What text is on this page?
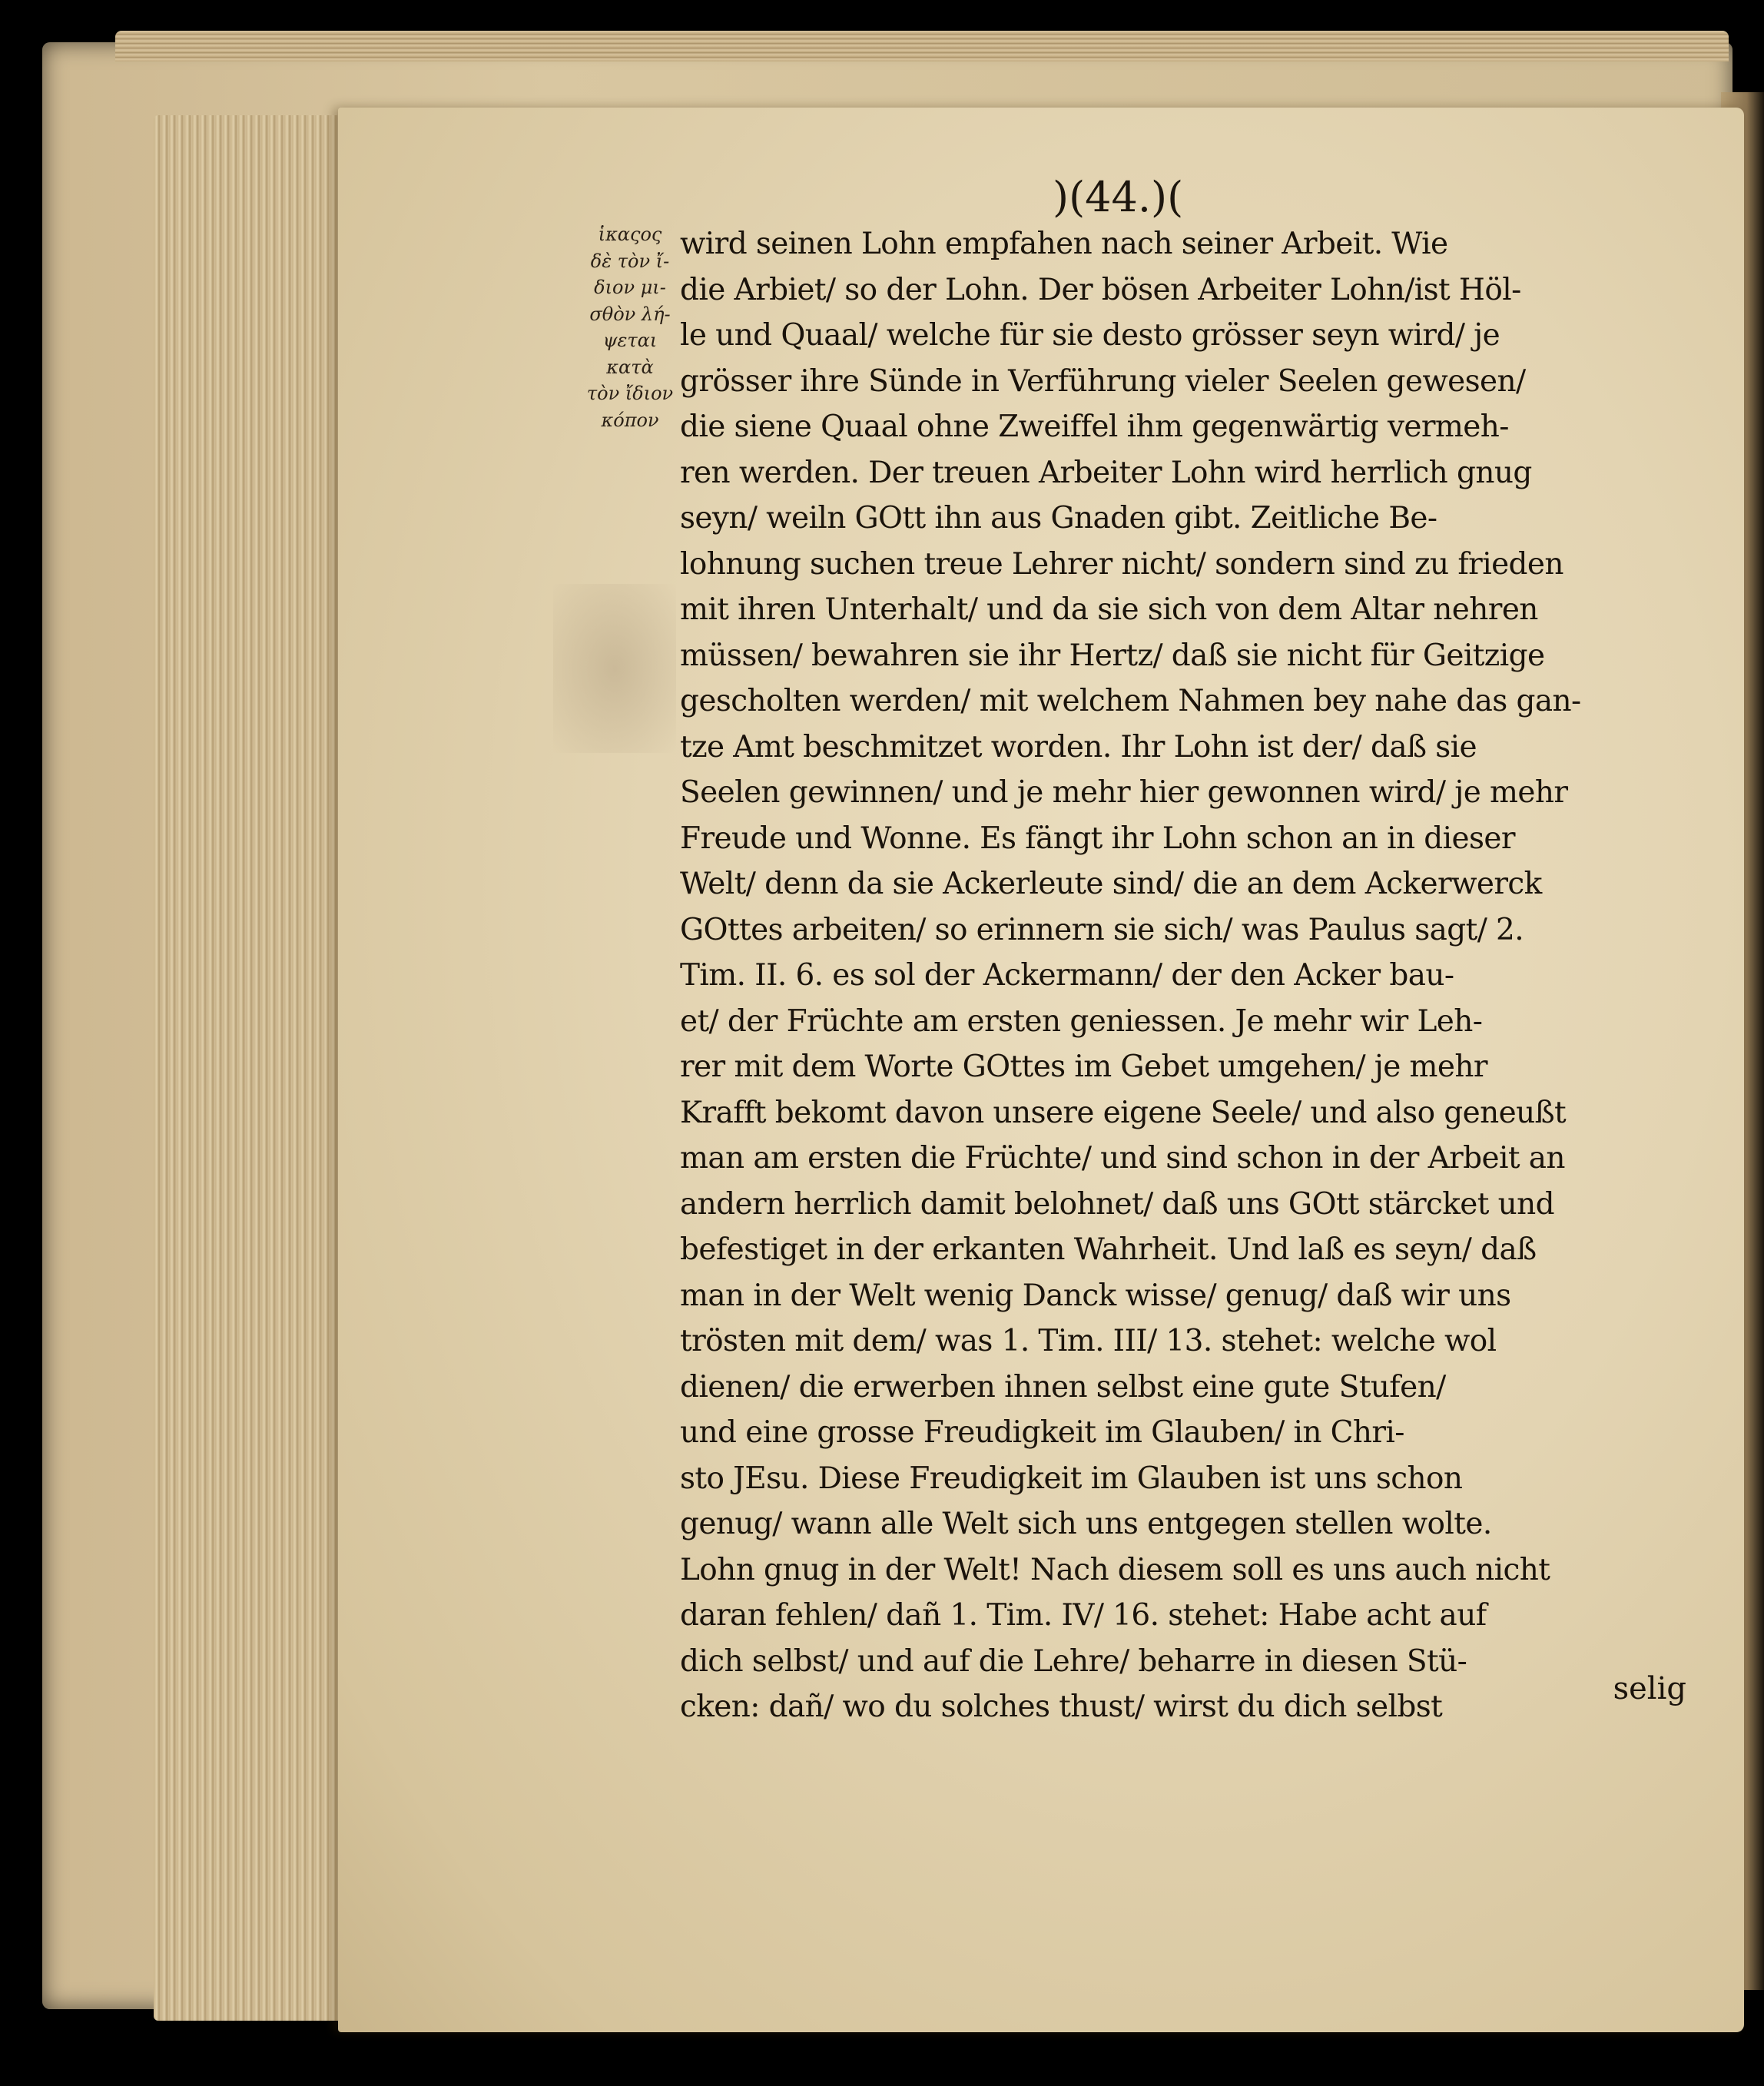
)(44.)(
ἱκαςος
δὲ τὸν ἴ-
διον μι-
σθὸν λή-
ψεται
κατὰ
τὸν ἴδιον
κόπον
wird seinen Lohn empfahen nach seiner Arbeit. Wie
die Arbiet/ so der Lohn. Der bösen Arbeiter Lohn/ist Höl-
le und Quaal/ welche für sie desto grösser seyn wird/ je
grösser ihre Sünde in Verführung vieler Seelen gewesen/
die siene Quaal ohne Zweiffel ihm gegenwärtig vermeh-
ren werden. Der treuen Arbeiter Lohn wird herrlich gnug
seyn/ weiln GOtt ihn aus Gnaden gibt. Zeitliche Be-
lohnung suchen treue Lehrer nicht/ sondern sind zu frieden
mit ihren Unterhalt/ und da sie sich von dem Altar nehren
müssen/ bewahren sie ihr Hertz/ daß sie nicht für Geitzige
gescholten werden/ mit welchem Nahmen bey nahe das gan-
tze Amt beschmitzet worden. Ihr Lohn ist der/ daß sie
Seelen gewinnen/ und je mehr hier gewonnen wird/ je mehr
Freude und Wonne. Es fängt ihr Lohn schon an in dieser
Welt/ denn da sie Ackerleute sind/ die an dem Ackerwerck
GOttes arbeiten/ so erinnern sie sich/ was Paulus sagt/ 2.
Tim. II. 6. es sol der Ackermann/ der den Acker bau-
et/ der Früchte am ersten geniessen. Je mehr wir Leh-
rer mit dem Worte GOttes im Gebet umgehen/ je mehr
Krafft bekomt davon unsere eigene Seele/ und also geneußt
man am ersten die Früchte/ und sind schon in der Arbeit an
andern herrlich damit belohnet/ daß uns GOtt stärcket und
befestiget in der erkanten Wahrheit. Und laß es seyn/ daß
man in der Welt wenig Danck wisse/ genug/ daß wir uns
trösten mit dem/ was 1. Tim. III/ 13. stehet: welche wol
dienen/ die erwerben ihnen selbst eine gute Stufen/
und eine grosse Freudigkeit im Glauben/ in Chri-
sto JEsu. Diese Freudigkeit im Glauben ist uns schon
genug/ wann alle Welt sich uns entgegen stellen wolte.
Lohn gnug in der Welt! Nach diesem soll es uns auch nicht
daran fehlen/ dañ 1. Tim. IV/ 16. stehet: Habe acht auf
dich selbst/ und auf die Lehre/ beharre in diesen Stü-
cken: dañ/ wo du solches thust/ wirst du dich selbst
selig
